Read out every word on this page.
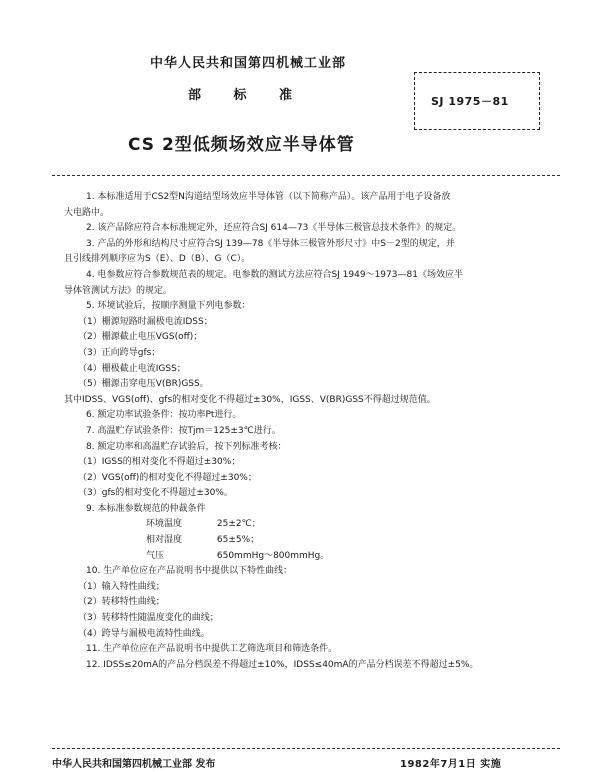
中华人民共和国第四机械工业部
部 标 准	SJ 1975－81
CS 2型低频场效应半导体管

1. 本标准适用于CS2型N沟道结型场效应半导体管（以下简称产品）。该产品用于电子设备放

大电路中。

2. 该产品除应符合本标准规定外，还应符合SJ 614—73《半导体三极管总技术条件》的规定。

3. 产品的外形和结构尺寸应符合SJ 139—78《半导体三极管外形尺寸》中S－2型的规定，并

且引线排列顺序应为S（E）、D（B）、G（C）。

4. 电参数应符合参数规范表的规定。电参数的测试方法应符合SJ 1949～1973—81《场效应半

导体管测试方法》的规定。

5. 环境试验后，按顺序测量下列电参数：

（1）栅源短路时漏极电流IDSS；

（2）栅源截止电压VGS(off)；

（3）正向跨导gfs；

（4）栅极截止电流IGSS；

（5）栅源击穿电压V(BR)GSS。

其中IDSS、VGS(off)、gfs的相对变化不得超过±30%，IGSS、V(BR)GSS不得超过规范值。

6. 额定功率试验条件：按功率Pt进行。

7. 高温贮存试验条件：按Tjm＝125±3℃进行。

8. 额定功率和高温贮存试验后，按下列标准考核：

（1）IGSS的相对变化不得超过±30%；

（2）VGS(off)的相对变化不得超过±30%；

（3）gfs的相对变化不得超过±30%。

9. 本标准参数规范的仲裁条件

环境温度	25±2℃；

相对湿度	65±5%；

气压	650mmHg～800mmHg。

10. 生产单位应在产品说明书中提供以下特性曲线：

（1）输入特性曲线；

（2）转移特性曲线；

（3）转移特性随温度变化的曲线；

（4）跨导与漏极电流特性曲线。

11. 生产单位应在产品说明书中提供工艺筛选项目和筛选条件。

12. IDSS≤20mA的产品分档误差不得超过±10%，IDSS≤40mA的产品分档误差不得超过±5%。

中华人民共和国第四机械工业部 发布	1982年7月1日 实施
